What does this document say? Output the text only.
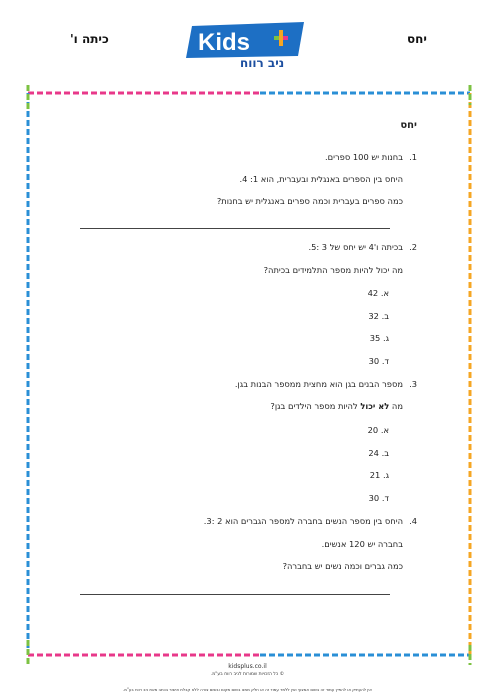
יחס
כיתה ו'	Kids
ניב רווח
יחס
1.בחנות יש 100 ספרים.
היחס בין הספרים באנגלית ובעברית, הוא 1: 4.
כמה ספרים בעברית וכמה ספרים באנגלית יש בחנות?
2.בכיתה ו'4 יש יחס של 3 :5.
מה יכול להיות מספר התלמידים בכיתה?
א. 42
ב. 32
ג. 35
ד. 30
3.מספר הבנים בגן הוא מחצית ממספר הבנות בגן.
מה לא יכול להיות מספר הילדים בגן?
א. 20
ב. 24
ג. 21
ד. 30
4.היחס בין מספר הנשים בחברה למספר הגברים הוא 2 :3.
בחברה יש 120 אנשים.
כמה גברים וכמה נשים יש בחברה?
kidsplus.co.il
© כל הזכויות שמורות לניב רווח בע"מ.
אין להעתיק או להפיץ עמוד זה בשום אמצעי ואין ללמד עמוד זה או חלק ממנו בשום מקום ובשום צורה ללא קבלת אישור בכתב מאת ניב רווח בע"מ.
